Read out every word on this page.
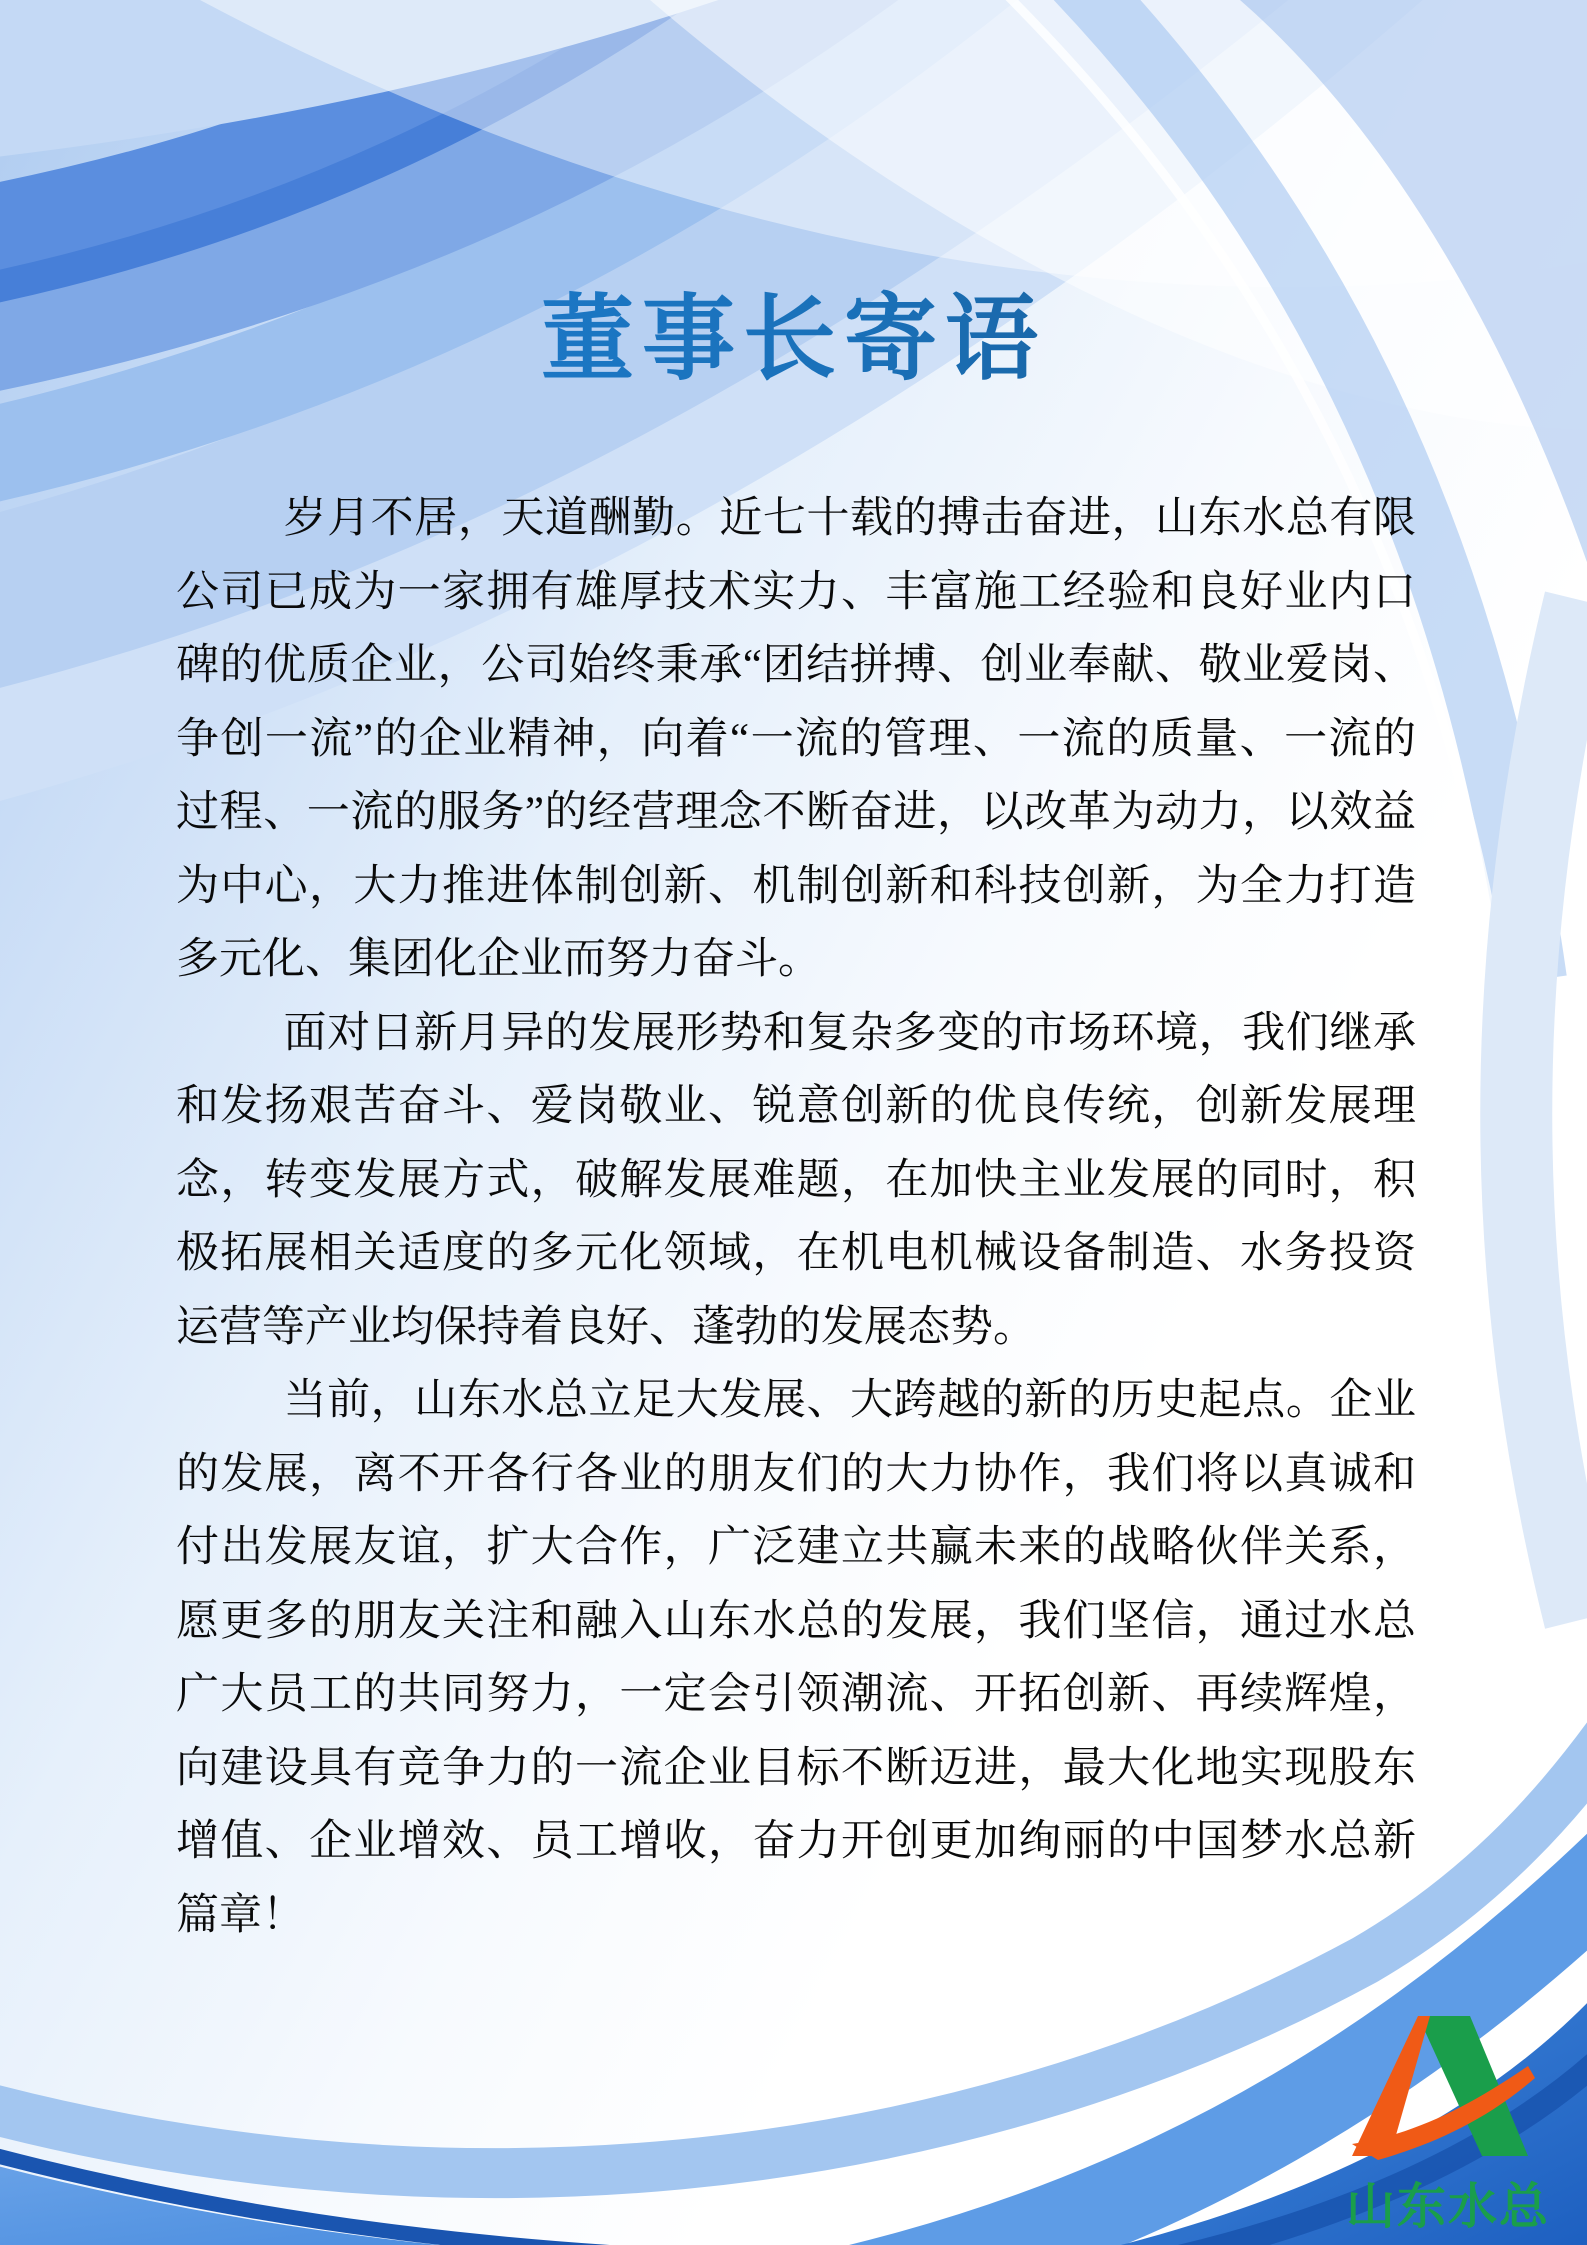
董事长寄语

岁月不居，天道酬勤。近七十载的搏击奋进，山东水总有限公司已成为一家拥有雄厚技术实力、丰富施工经验和良好业内口碑的优质企业，公司始终秉承“团结拼搏、创业奉献、敬业爱岗、争创一流”的企业精神，向着“一流的管理、一流的质量、一流的过程、一流的服务”的经营理念不断奋进，以改革为动力，以效益为中心，大力推进体制创新、机制创新和科技创新，为全力打造多元化、集团化企业而努力奋斗。

面对日新月异的发展形势和复杂多变的市场环境，我们继承和发扬艰苦奋斗、爱岗敬业、锐意创新的优良传统，创新发展理念，转变发展方式，破解发展难题，在加快主业发展的同时，积极拓展相关适度的多元化领域，在机电机械设备制造、水务投资运营等产业均保持着良好、蓬勃的发展态势。

当前，山东水总立足大发展、大跨越的新的历史起点。企业的发展，离不开各行各业的朋友们的大力协作，我们将以真诚和付出发展友谊，扩大合作，广泛建立共赢未来的战略伙伴关系，愿更多的朋友关注和融入山东水总的发展，我们坚信，通过水总广大员工的共同努力，一定会引领潮流、开拓创新、再续辉煌，向建设具有竞争力的一流企业目标不断迈进，最大化地实现股东增值、企业增效、员工增收，奋力开创更加绚丽的中国梦水总新篇章！

山东水总
